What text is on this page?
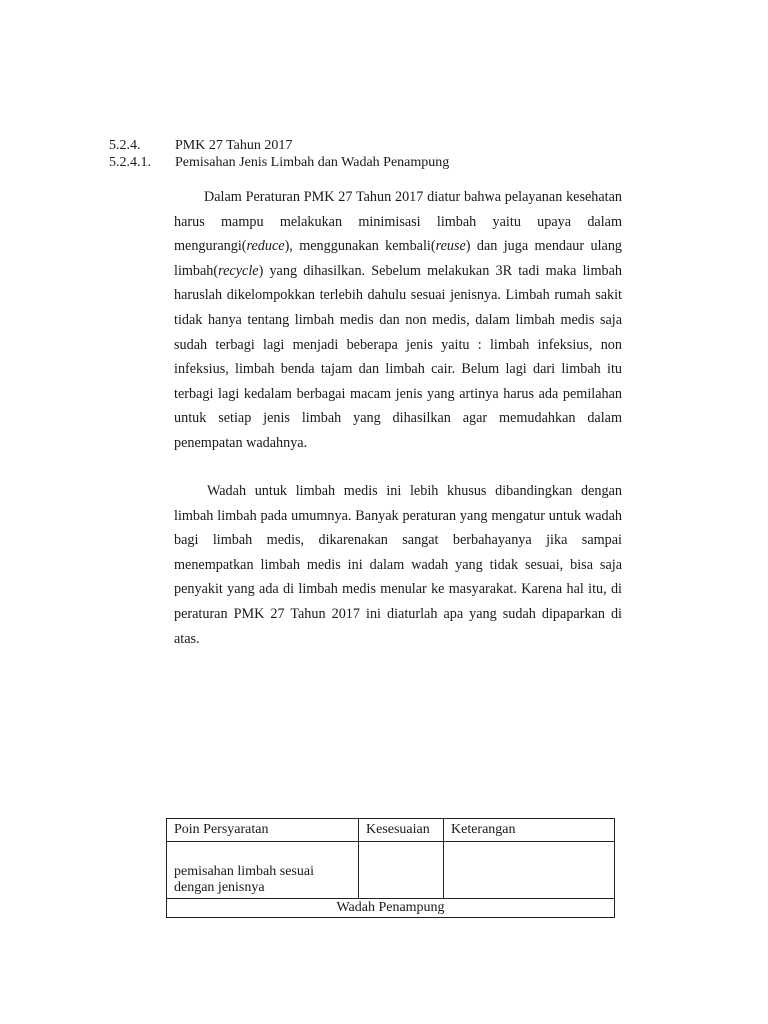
5.2.4. PMK 27 Tahun 2017
5.2.4.1. Pemisahan Jenis Limbah dan Wadah Penampung

Dalam Peraturan PMK 27 Tahun 2017 diatur bahwa pelayanan kesehatan harus mampu melakukan minimisasi limbah yaitu upaya dalam mengurangi(reduce), menggunakan kembali(reuse) dan juga mendaur ulang limbah(recycle) yang dihasilkan. Sebelum melakukan 3R tadi maka limbah haruslah dikelompokkan terlebih dahulu sesuai jenisnya. Limbah rumah sakit tidak hanya tentang limbah medis dan non medis, dalam limbah medis saja sudah terbagi lagi menjadi beberapa jenis yaitu : limbah infeksius, non infeksius, limbah benda tajam dan limbah cair. Belum lagi dari limbah itu terbagi lagi kedalam berbagai macam jenis yang artinya harus ada pemilahan untuk setiap jenis limbah yang dihasilkan agar memudahkan dalam penempatan wadahnya.

Wadah untuk limbah medis ini lebih khusus dibandingkan dengan limbah limbah pada umumnya. Banyak peraturan yang mengatur untuk wadah bagi limbah medis, dikarenakan sangat berbahayanya jika sampai menempatkan limbah medis ini dalam wadah yang tidak sesuai, bisa saja penyakit yang ada di limbah medis menular ke masyarakat. Karena hal itu, di peraturan PMK 27 Tahun 2017 ini diaturlah apa yang sudah dipaparkan di atas.

Poin Persyaratan	Kesesuaian	Keterangan
pemisahan limbah sesuai dengan jenisnya		
Wadah Penampung		
